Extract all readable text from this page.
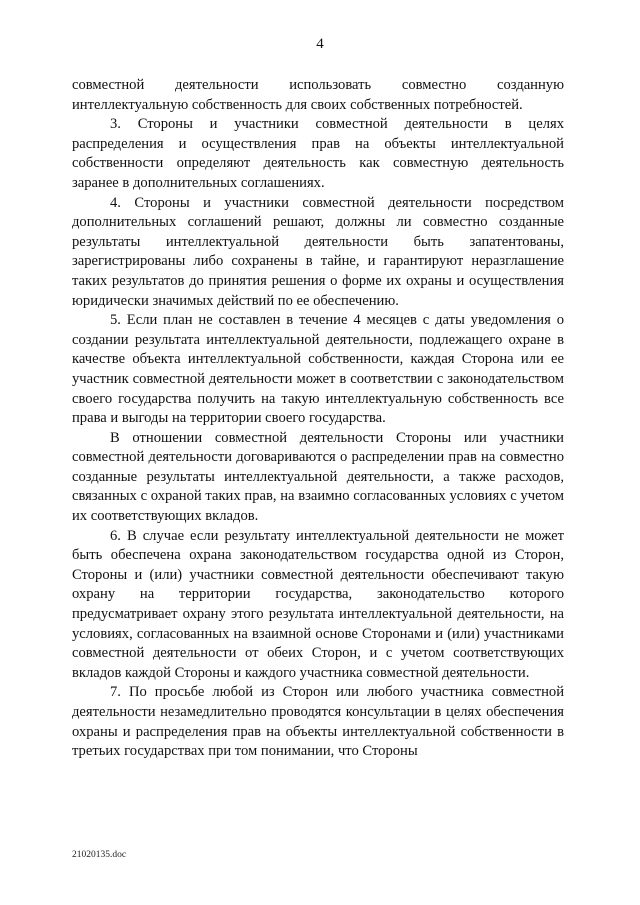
4

совместной деятельности использовать совместно созданную интеллектуальную собственность для своих собственных потребностей.

3. Стороны и участники совместной деятельности в целях распределения и осуществления прав на объекты интеллектуальной собственности определяют деятельность как совместную деятельность заранее в дополнительных соглашениях.

4. Стороны и участники совместной деятельности посредством дополнительных соглашений решают, должны ли совместно созданные результаты интеллектуальной деятельности быть запатентованы, зарегистрированы либо сохранены в тайне, и гарантируют неразглашение таких результатов до принятия решения о форме их охраны и осуществления юридически значимых действий по ее обеспечению.

5. Если план не составлен в течение 4 месяцев с даты уведомления о создании результата интеллектуальной деятельности, подлежащего охране в качестве объекта интеллектуальной собственности, каждая Сторона или ее участник совместной деятельности может в соответствии с законодательством своего государства получить на такую интеллектуальную собственность все права и выгоды на территории своего государства.

В отношении совместной деятельности Стороны или участники совместной деятельности договариваются о распределении прав на совместно созданные результаты интеллектуальной деятельности, а также расходов, связанных с охраной таких прав, на взаимно согласованных условиях с учетом их соответствующих вкладов.

6. В случае если результату интеллектуальной деятельности не может быть обеспечена охрана законодательством государства одной из Сторон, Стороны и (или) участники совместной деятельности обеспечивают такую охрану на территории государства, законодательство которого предусматривает охрану этого результата интеллектуальной деятельности, на условиях, согласованных на взаимной основе Сторонами и (или) участниками совместной деятельности от обеих Сторон, и с учетом соответствующих вкладов каждой Стороны и каждого участника совместной деятельности.

7. По просьбе любой из Сторон или любого участника совместной деятельности незамедлительно проводятся консультации в целях обеспечения охраны и распределения прав на объекты интеллектуальной собственности в третьих государствах при том понимании, что Стороны

21020135.doc
